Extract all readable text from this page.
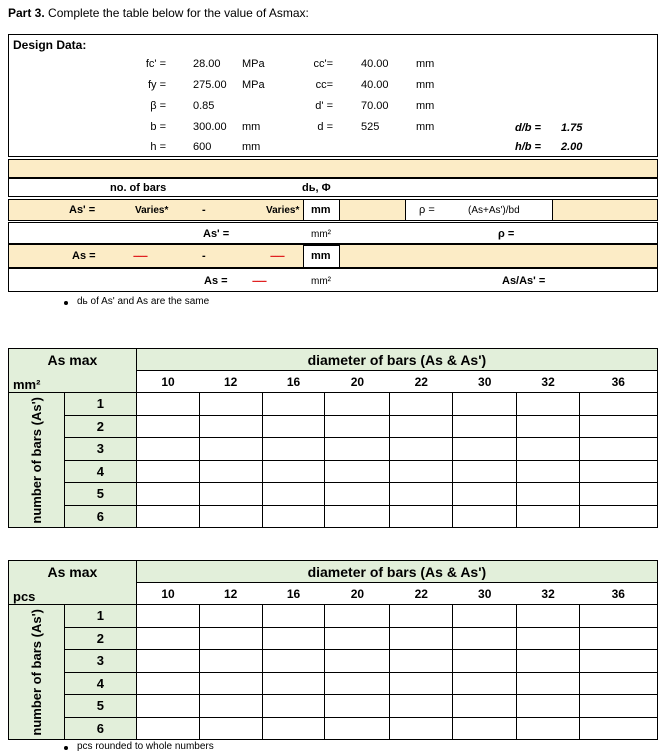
Part 3. Complete the table below for the value of Asmax:
Design Data:
fc' = 28.00	MPa	cc'=	40.00	mm
fy = 275.00	MPa	cc=	40.00	mm
β = 0.85	d' =	70.00	mm
b = 300.00	mm	d =	525	mm
h = 600	mm
d/b = 1.75
h/b = 2.00
no. of bars	dь, Φ
As' =	Varies*	-	Varies* mm	ρ =	(As+As')/bd
As' =	mm²	ρ =
As =	------	-	------ mm
As = ------	mm²	As/As' =
dь of As' and As are the same
As max		diameter of bars (As & As')							
mm²		10	12	16	20	22	30	32	36

number of bars (As')	1								
	2								
	3								
	4								
	5								
	6								
As max		diameter of bars (As & As')							
pcs		10	12	16	20	22	30	32	36

number of bars (As')	1								
	2								
	3								
	4								
	5								
	6								
pcs rounded to whole numbers
